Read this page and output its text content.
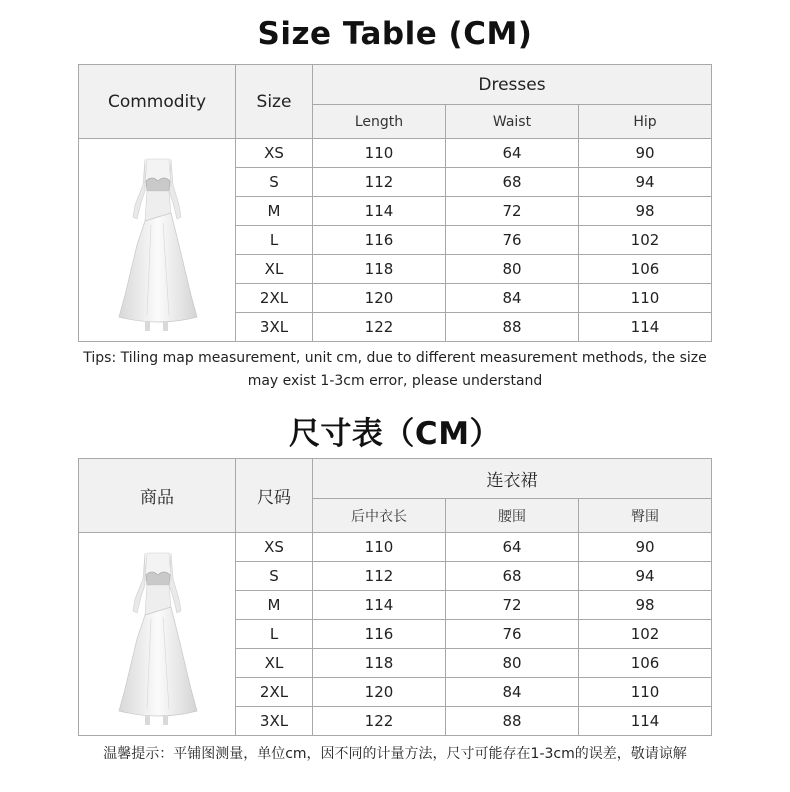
Size Table (CM)
Commodity	Size	Dresses		
		Length	Waist	Hip

	XS	110	64	90
	S	112	68	94
	M	114	72	98
	L	116	76	102
	XL	118	80	106
	2XL	120	84	110
	3XL	122	88	114
Tips: Tiling map measurement, unit cm, due to different measurement methods, the size may exist 1-3cm error, please understand
尺寸表（CM）
商品	尺码	连衣裙		
		后中衣长	腰围	臀围

	XS	110	64	90
	S	112	68	94
	M	114	72	98
	L	116	76	102
	XL	118	80	106
	2XL	120	84	110
	3XL	122	88	114
温馨提示：平铺图测量，单位cm，因不同的计量方法，尺寸可能存在1-3cm的误差，敬请谅解
